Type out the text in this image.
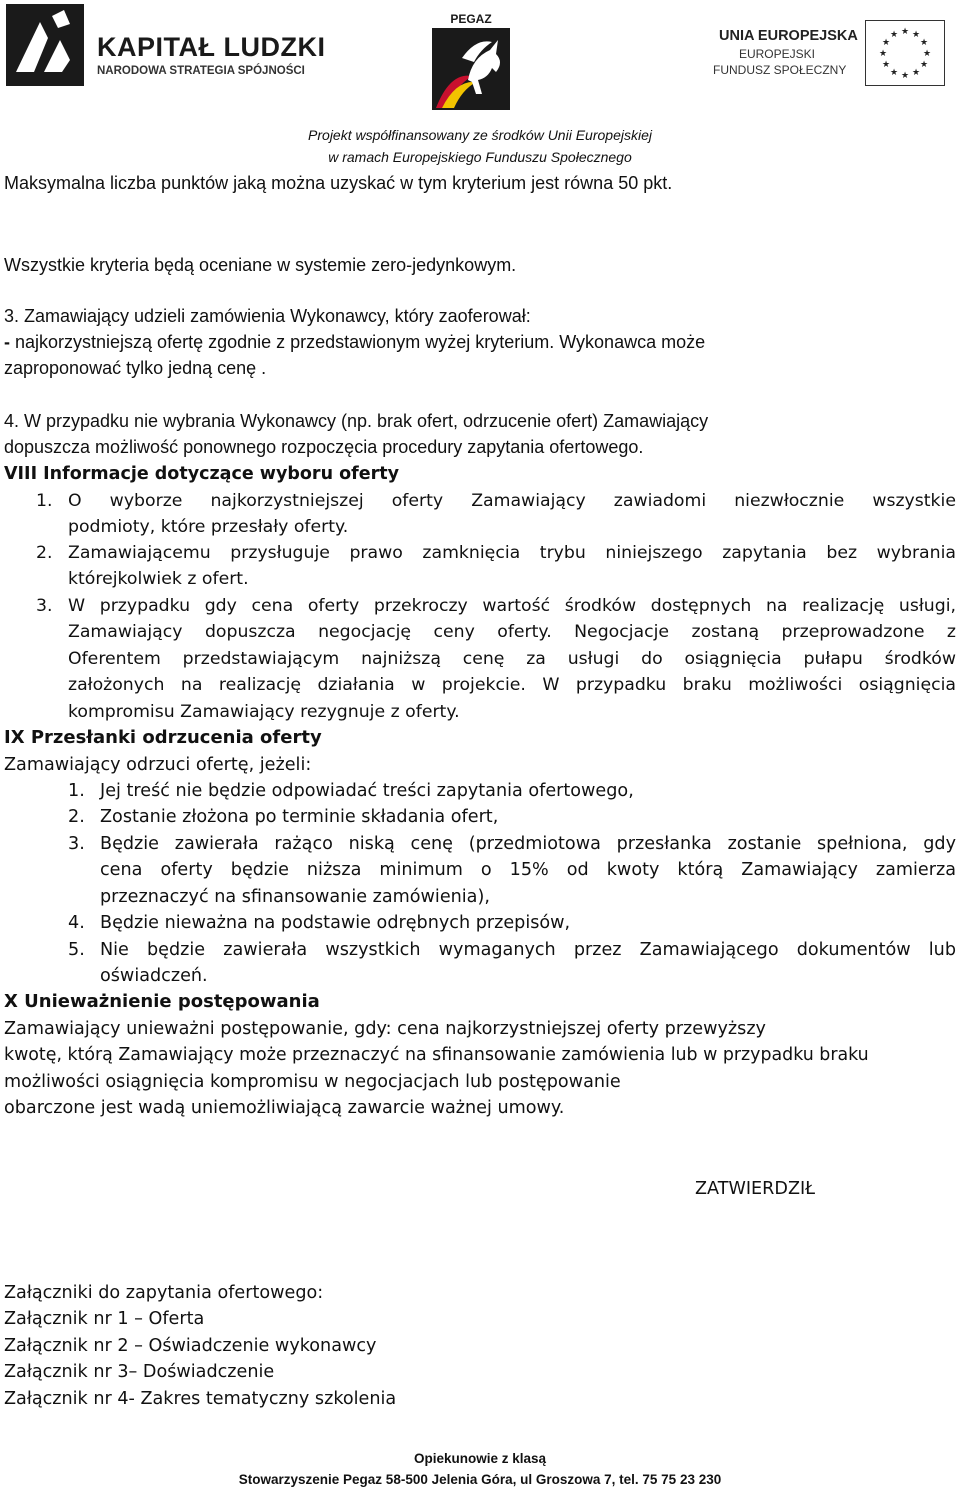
KAPITAŁ LUDZKI
NARODOWA STRATEGIA SPÓJNOŚCI
PEGAZ
UNIA EUROPEJSKA
EUROPEJSKI
FUNDUSZ SPOŁECZNY
★ ★
★
★
★
★
★
★
★
★
★
★
Projekt współfinansowany ze środków Unii Europejskiej
w ramach Europejskiego Funduszu Społecznego
Maksymalna liczba punktów jaką można uzyskać w tym kryterium jest równa 50 pkt.
Wszystkie kryteria będą oceniane w systemie zero-jedynkowym.
3. Zamawiający udzieli zamówienia Wykonawcy, który zaoferował:
- najkorzystniejszą ofertę zgodnie z przedstawionym wyżej kryterium. Wykonawca może
zaproponować tylko jedną cenę .
4. W przypadku nie wybrania Wykonawcy (np. brak ofert, odrzucenie ofert) Zamawiający
dopuszcza możliwość ponownego rozpoczęcia procedury zapytania ofertowego.
VIII Informacje dotyczące wyboru oferty
1. O wyborze najkorzystniejszej oferty Zamawiający zawiadomi niezwłocznie wszystkie
podmioty, które przesłały oferty.
2. Zamawiającemu przysługuje prawo zamknięcia trybu niniejszego zapytania bez wybrania
którejkolwiek z ofert.
3. W przypadku gdy cena oferty przekroczy wartość środków dostępnych na realizację usługi,
Zamawiający dopuszcza negocjację ceny oferty. Negocjacje zostaną przeprowadzone z
Oferentem przedstawiającym najniższą cenę za usługi do osiągnięcia pułapu środków
założonych na realizację działania w projekcie. W przypadku braku możliwości osiągnięcia
kompromisu Zamawiający rezygnuje z oferty.
IX Przesłanki odrzucenia oferty
Zamawiający odrzuci ofertę, jeżeli:
1. Jej treść nie będzie odpowiadać treści zapytania ofertowego,
2. Zostanie złożona po terminie składania ofert,
3. Będzie zawierała rażąco niską cenę (przedmiotowa przesłanka zostanie spełniona, gdy
cena oferty będzie niższa minimum o 15% od kwoty którą Zamawiający zamierza
przeznaczyć na sfinansowanie zamówienia),
4. Będzie nieważna na podstawie odrębnych przepisów,
5. Nie będzie zawierała wszystkich wymaganych przez Zamawiającego dokumentów lub
oświadczeń.
X Unieważnienie postępowania
Zamawiający unieważni postępowanie, gdy: cena najkorzystniejszej oferty przewyższy
kwotę, którą Zamawiający może przeznaczyć na sfinansowanie zamówienia lub w przypadku braku
możliwości osiągnięcia kompromisu w negocjacjach lub postępowanie
obarczone jest wadą uniemożliwiającą zawarcie ważnej umowy.
ZATWIERDZIŁ
Załączniki do zapytania ofertowego:
Załącznik nr 1 – Oferta
Załącznik nr 2 – Oświadczenie wykonawcy
Załącznik nr 3– Doświadczenie
Załącznik nr 4- Zakres tematyczny szkolenia
Opiekunowie z klasą
Stowarzyszenie Pegaz 58-500 Jelenia Góra, ul Groszowa 7, tel. 75 75 23 230
